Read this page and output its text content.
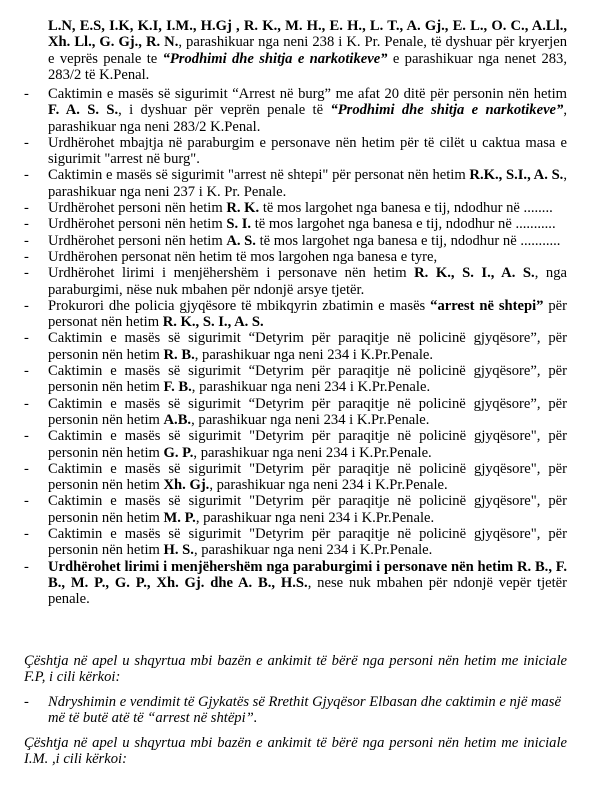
L.N, E.S, I.K, K.I, I.M., H.Gj , R. K., M. H., E. H., L. T., A. Gj., E. L., O. C., A.Ll., Xh. Ll., G. Gj., R. N., parashikuar nga neni 238 i K. Pr. Penale, të dyshuar për kryerjen e veprës penale te “Prodhimi dhe shitja e narkotikeve” e parashikuar nga nenet 283, 283/2 të K.Penal.

- Caktimin e masës së sigurimit “Arrest në burg” me afat 20 ditë për personin nën hetim F. A. S. S., i dyshuar për veprën penale të “Prodhimi dhe shitja e narkotikeve”, parashikuar nga neni 283/2 K.Penal.
- Urdhërohet mbajtja në paraburgim e personave nën hetim për të cilët u caktua masa e sigurimit "arrest në burg".
- Caktimin e masës së sigurimit "arrest në shtepi" për personat nën hetim R.K., S.I., A. S., parashikuar nga neni 237 i K. Pr. Penale.
- Urdhërohet personi nën hetim R. K. të mos largohet nga banesa e tij, ndodhur në ........
- Urdhërohet personi nën hetim S. I. të mos largohet nga banesa e tij, ndodhur në ...........
- Urdhërohet personi nën hetim A. S. të mos largohet nga banesa e tij, ndodhur në ...........
- Urdhërohen personat nën hetim të mos largohen nga banesa e tyre,
- Urdhërohet lirimi i menjëhershëm i personave nën hetim R. K., S. I., A. S., nga paraburgimi, nëse nuk mbahen për ndonjë arsye tjetër.
- Prokurori dhe policia gjyqësore të mbikqyrin zbatimin e masës “arrest në shtepi” për personat nën hetim R. K., S. I., A. S.
- Caktimin e masës së sigurimit “Detyrim për paraqitje në policinë gjyqësore”, për personin nën hetim R. B., parashikuar nga neni 234 i K.Pr.Penale.
- Caktimin e masës së sigurimit “Detyrim për paraqitje në policinë gjyqësore”, për personin nën hetim F. B., parashikuar nga neni 234 i K.Pr.Penale.
- Caktimin e masës së sigurimit “Detyrim për paraqitje në policinë gjyqësore”, për personin nën hetim A.B., parashikuar nga neni 234 i K.Pr.Penale.
- Caktimin e masës së sigurimit "Detyrim për paraqitje në policinë gjyqësore", për personin nën hetim G. P., parashikuar nga neni 234 i K.Pr.Penale.
- Caktimin e masës së sigurimit "Detyrim për paraqitje në policinë gjyqësore", për personin nën hetim Xh. Gj., parashikuar nga neni 234 i K.Pr.Penale.
- Caktimin e masës së sigurimit "Detyrim për paraqitje në policinë gjyqësore", për personin nën hetim M. P., parashikuar nga neni 234 i K.Pr.Penale.
- Caktimin e masës së sigurimit "Detyrim për paraqitje në policinë gjyqësore", për personin nën hetim H. S., parashikuar nga neni 234 i K.Pr.Penale.
- Urdhërohet lirimi i menjëhershëm nga paraburgimi i personave nën hetim R. B., F. B., M. P., G. P., Xh. Gj. dhe A. B., H.S., nese nuk mbahen për ndonjë vepër tjetër penale.

Çështja në apel u shqyrtua mbi bazën e ankimit të bërë nga personi nën hetim me iniciale F.P, i cili kërkoi:

- Ndryshimin e vendimit të Gjykatës së Rrethit Gjyqësor Elbasan dhe caktimin e një masë më të butë atë të “arrest në shtëpi”.

Çështja në apel u shqyrtua mbi bazën e ankimit të bërë nga personi nën hetim me iniciale I.M. ,i cili kërkoi:
